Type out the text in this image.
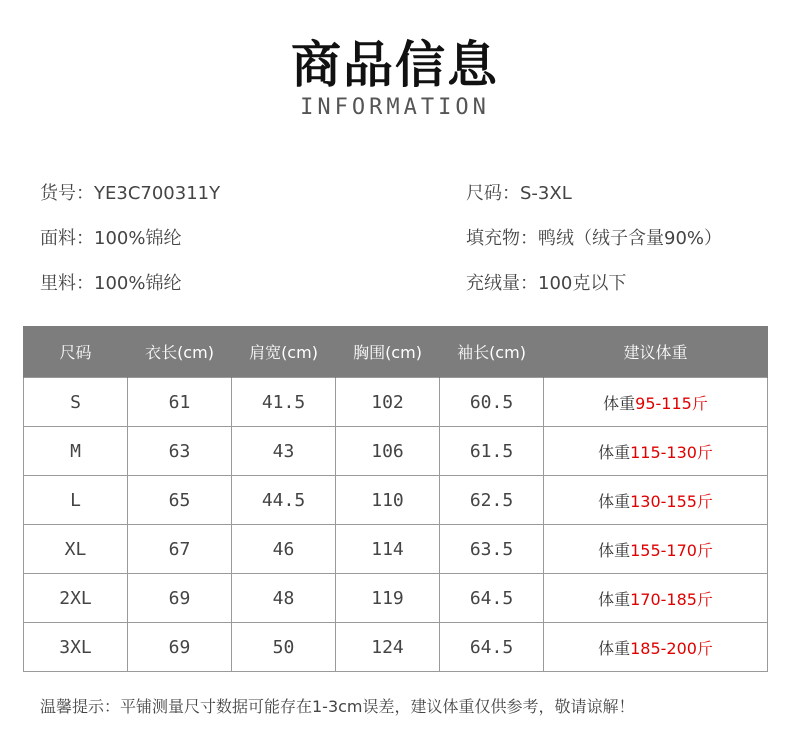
商品信息
INFORMATION
货号：YE3C700311Y	尺码：S-3XL
面料：100%锦纶	填充物：鸭绒（绒子含量90%）
里料：100%锦纶	充绒量：100克以下
尺码	衣长(cm)	肩宽(cm)	胸围(cm)	袖长(cm)	建议体重
S	61	41.5	102	60.5	体重95-115斤
M	63	43	106	61.5	体重115-130斤
L	65	44.5	110	62.5	体重130-155斤
XL	67	46	114	63.5	体重155-170斤
2XL	69	48	119	64.5	体重170-185斤
3XL	69	50	124	64.5	体重185-200斤
温馨提示：平铺测量尺寸数据可能存在1-3cm误差，建议体重仅供参考，敬请谅解！
